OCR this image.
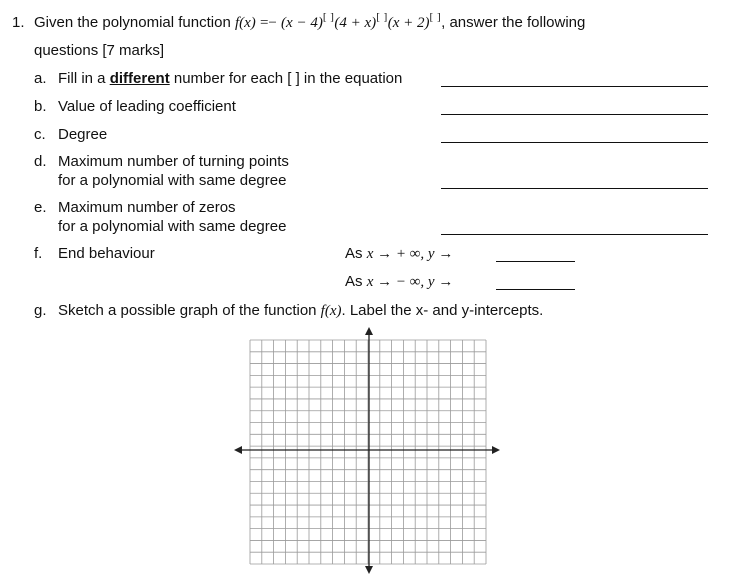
1. Given the polynomial function f(x) =− (x − 4)[ ](4 + x)[ ](x + 2)[ ], answer the following
questions [7 marks]
a. Fill in a different number for each [ ] in the equation
b. Value of leading coefficient
c. Degree
d. Maximum number of turning points
for a polynomial with same degree
e. Maximum number of zeros
for a polynomial with same degree
f. End behaviour	As x → + ∞, y →
As x → − ∞, y →
g. Sketch a possible graph of the function f(x). Label the x- and y-intercepts.
